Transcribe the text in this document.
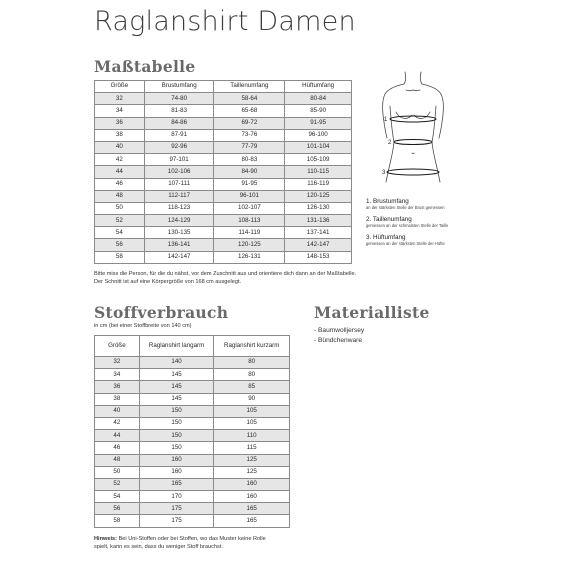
Raglanshirt Damen
Maßtabelle
Größe	Brustumfang	Taillenumfang	Hüftumfang
32	74-80	58-64	80-84
34	81-83	65-68	85-90
36	84-86	69-72	91-95
38	87-91	73-76	96-100
40	92-96	77-79	101-104
42	97-101	80-83	105-109
44	102-106	84-90	110-115
46	107-111	91-95	116-119
48	112-117	96-101	120-125
50	118-123	102-107	126-130
52	124-129	108-113	131-136
54	130-135	114-119	137-141
56	136-141	120-125	142-147
58	142-147	126-131	148-153
Bitte miss die Person, für die du nähst, vor dem Zuschnitt aus und orientiere dich dann an der Maßtabelle.
Der Schnitt ist auf eine Körpergröße von 168 cm ausgelegt.
1
2
3
1. Brustumfang
an der stärksten Stelle der Brust gemessen
2. Taillenumfang
gemessen an der schmalsten Stelle der Taille
3. Hüftumfang
gemessen an der stärksten Stelle der Hüfte
Stoffverbrauch
in cm (bei einer Stoffbreite von 140 cm)
Größe	Raglanshirt langarm	Raglanshirt kurzarm
32	140	80
34	145	80
36	145	85
38	145	90
40	150	105
42	150	105
44	150	110
46	150	115
48	160	125
50	160	125
52	165	160
54	170	160
56	175	165
58	175	165
Hinweis: Bei Uni-Stoffen oder bei Stoffen, wo das Muster keine Rolle
spielt, kann es sein, dass du weniger Stoff brauchst.
Materialliste
- Baumwolljersey
- Bündchenware
